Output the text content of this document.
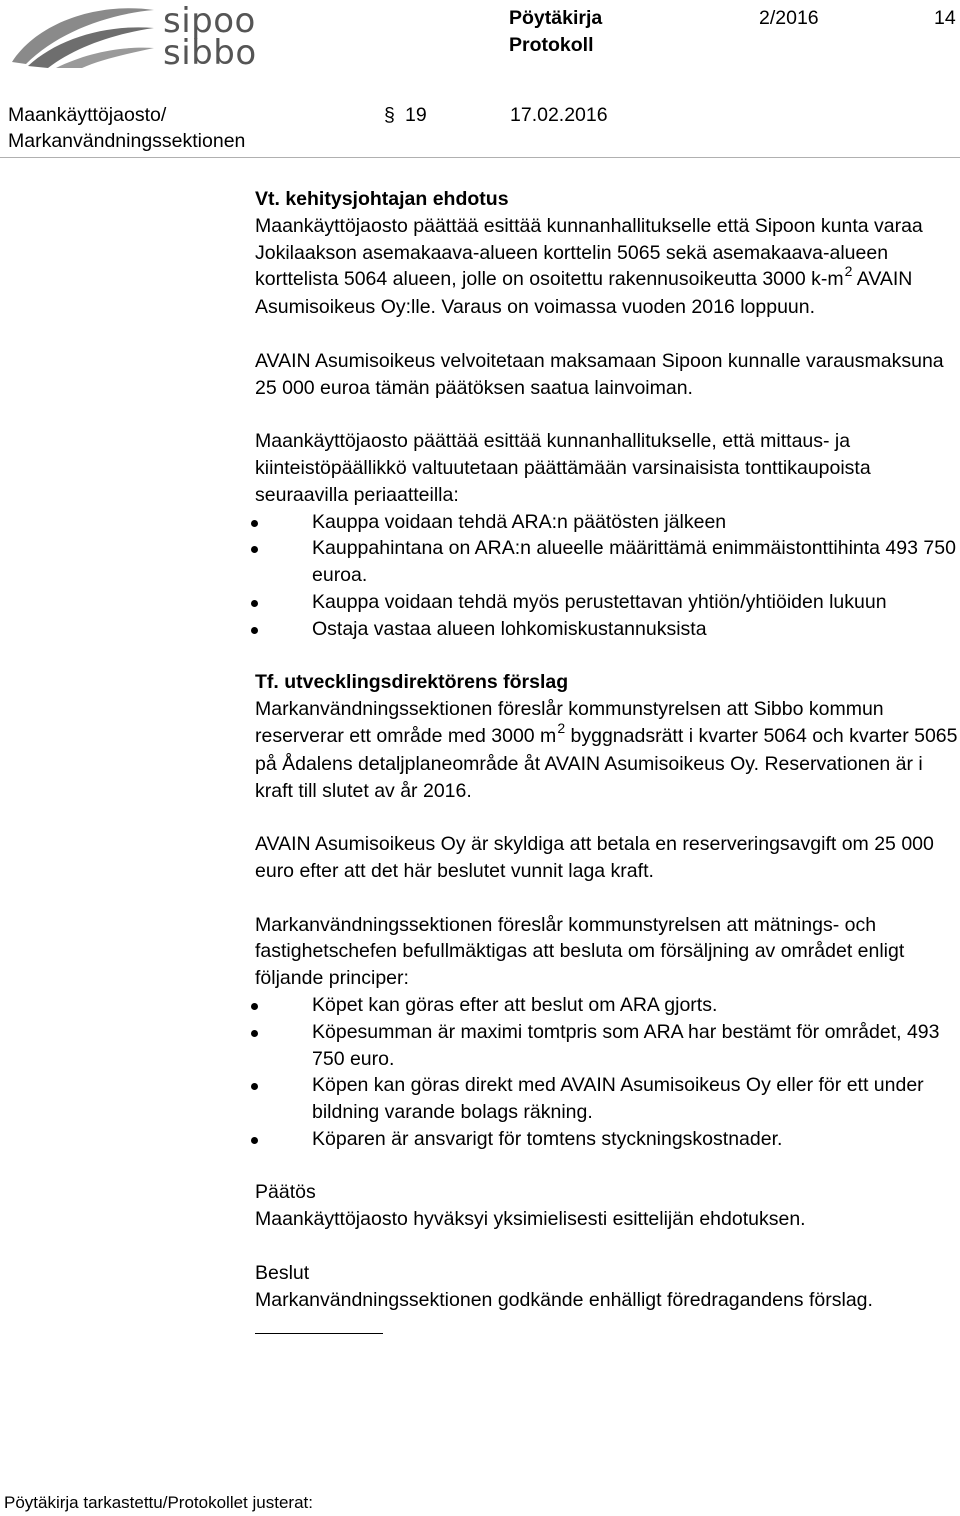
sipoo
sibbo
Pöytäkirja
Protokoll
2/2016	14
Maankäyttöjaosto/
Markanvändningssektionen
§ 19	17.02.2016

Vt. kehitysjohtajan ehdotus

Maankäyttöjaosto päättää esittää kunnanhallitukselle että Sipoon kunta varaa Jokilaakson asemakaava-alueen korttelin 5065 sekä asemakaava-alueen korttelista 5064 alueen, jolle on osoitettu rakennusoikeutta 3000 $k-m^2$ AVAIN Asumisoikeus Oy:lle. Varaus on voimassa vuoden 2016 loppuun.

AVAIN Asumisoikeus velvoitetaan maksamaan Sipoon kunnalle varausmaksuna 25 000 euroa tämän päätöksen saatua lainvoiman.

Maankäyttöjaosto päättää esittää kunnanhallitukselle, että mittaus- ja kiinteistöpäällikkö valtuutetaan päättämään varsinaisista tonttikaupoista seuraavilla periaatteilla:

Kauppa voidaan tehdä ARA:n päätösten jälkeen
Kauppahintana on ARA:n alueelle määrittämä enimmäistonttihinta 493 750 euroa.
Kauppa voidaan tehdä myös perustettavan yhtiön/yhtiöiden lukuun
Ostaja vastaa alueen lohkomiskustannuksista

Tf. utvecklingsdirektörens förslag

Markanvändningssektionen föreslår kommunstyrelsen att Sibbo kommun reserverar ett område med 3000 $m^2$ byggnadsrätt i kvarter 5064 och kvarter 5065 på Ådalens detaljplaneområde åt AVAIN Asumisoikeus Oy. Reservationen är i kraft till slutet av år 2016.

AVAIN Asumisoikeus Oy är skyldiga att betala en reserveringsavgift om 25 000 euro efter att det här beslutet vunnit laga kraft.

Markanvändningssektionen föreslår kommunstyrelsen att mätnings- och fastighetschefen befullmäktigas att besluta om försäljning av området enligt följande principer:

Köpet kan göras efter att beslut om ARA gjorts.
Köpesumman är maximi tomtpris som ARA har bestämt för området, 493 750 euro.
Köpen kan göras direkt med AVAIN Asumisoikeus Oy eller för ett under bildning varande bolags räkning.
Köparen är ansvarigt för tomtens styckningskostnader.

Päätös

Maankäyttöjaosto hyväksyi yksimielisesti esittelijän ehdotuksen.

Beslut

Markanvändningssektionen godkände enhälligt föredragandens förslag.

Pöytäkirja tarkastettu/Protokollet justerat:
